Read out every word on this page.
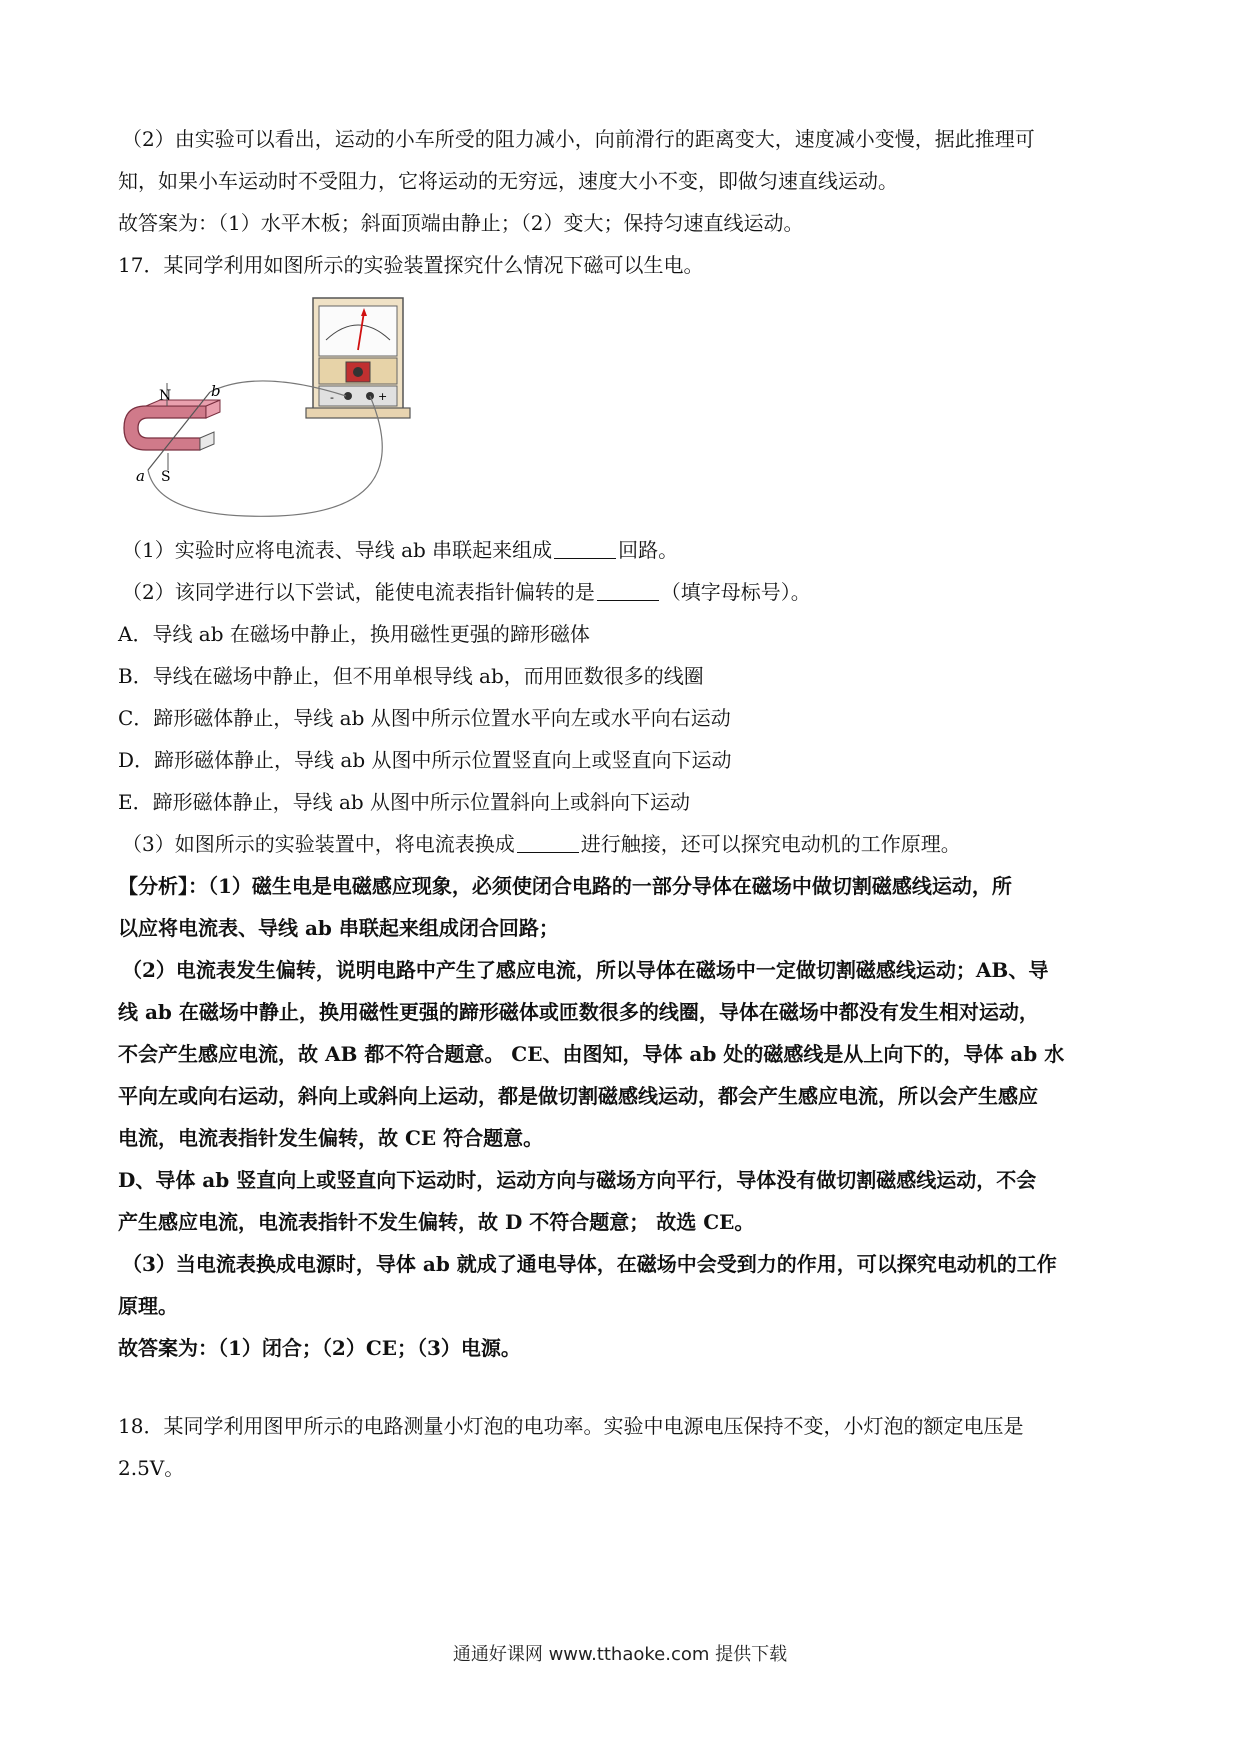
（2）由实验可以看出，运动的小车所受的阻力减小，向前滑行的距离变大，速度减小变慢，据此推理可
知，如果小车运动时不受阻力，它将运动的无穷远，速度大小不变，即做匀速直线运动。
故答案为：（1）水平木板；斜面顶端由静止；（2）变大；保持匀速直线运动。
17．某同学利用如图所示的实验装置探究什么情况下磁可以生电。
-	+
N
S
b
a
（1）实验时应将电流表、导线 ab 串联起来组成	回路。
（2）该同学进行以下尝试，能使电流表指针偏转的是	（填字母标号）。
A．导线 ab 在磁场中静止，换用磁性更强的蹄形磁体
B．导线在磁场中静止，但不用单根导线 ab，而用匝数很多的线圈
C．蹄形磁体静止，导线 ab 从图中所示位置水平向左或水平向右运动
D．蹄形磁体静止，导线 ab 从图中所示位置竖直向上或竖直向下运动
E．蹄形磁体静止，导线 ab 从图中所示位置斜向上或斜向下运动
（3）如图所示的实验装置中，将电流表换成	进行触接，还可以探究电动机的工作原理。
【分析】：（1）磁生电是电磁感应现象，必须使闭合电路的一部分导体在磁场中做切割磁感线运动，所
以应将电流表、导线 ab 串联起来组成闭合回路；
（2）电流表发生偏转，说明电路中产生了感应电流，所以导体在磁场中一定做切割磁感线运动；AB、导
线 ab 在磁场中静止，换用磁性更强的蹄形磁体或匝数很多的线圈，导体在磁场中都没有发生相对运动，
不会产生感应电流，故 AB 都不符合题意。 CE、由图知，导体 ab 处的磁感线是从上向下的，导体 ab 水
平向左或向右运动，斜向上或斜向上运动，都是做切割磁感线运动，都会产生感应电流，所以会产生感应
电流，电流表指针发生偏转，故 CE 符合题意。
D、导体 ab 竖直向上或竖直向下运动时，运动方向与磁场方向平行，导体没有做切割磁感线运动，不会
产生感应电流，电流表指针不发生偏转，故 D 不符合题意； 故选 CE。
（3）当电流表换成电源时，导体 ab 就成了通电导体，在磁场中会受到力的作用，可以探究电动机的工作
原理。
故答案为：（1）闭合；（2）CE；（3）电源。
18．某同学利用图甲所示的电路测量小灯泡的电功率。实验中电源电压保持不变，小灯泡的额定电压是
2.5V。
通通好课网 www.tthaoke.com 提供下载
